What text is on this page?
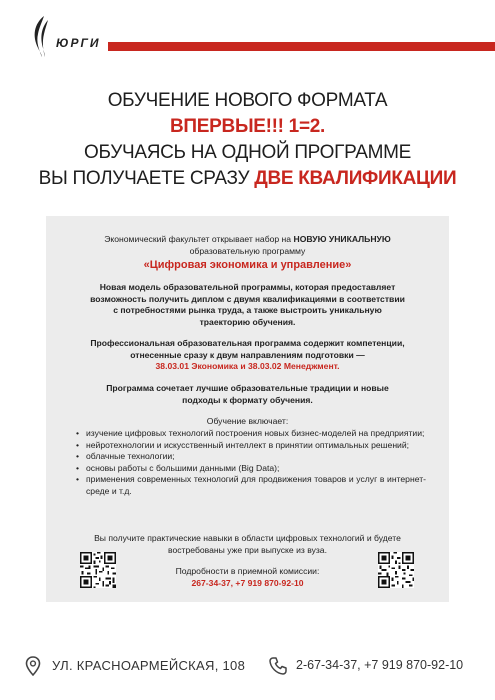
ЮРГИ
ОБУЧЕНИЕ НОВОГО ФОРМАТА
ВПЕРВЫЕ!!! 1=2.
ОБУЧАЯСЬ НА ОДНОЙ ПРОГРАММЕ
ВЫ ПОЛУЧАЕТЕ СРАЗУ ДВЕ КВАЛИФИКАЦИИ
Экономический факультет открывает набор на НОВУЮ УНИКАЛЬНУЮ
образовательную программу
«Цифровая экономика и управление»
Новая модель образовательной программы, которая предоставляет
возможность получить диплом с двумя квалификациями в соответствии
с потребностями рынка труда, а также выстроить уникальную
траекторию обучения.
Профессиональная образовательная программа содержит компетенции,
отнесенные сразу к двум направлениям подготовки —
38.03.01 Экономика и 38.03.02 Менеджмент.
Программа сочетает лучшие образовательные традиции и новые
подходы к формату обучения.
Обучение включает:
• изучение цифровых технологий построения новых бизнес-моделей на предприятии;
• нейротехнологии и искусственный интеллект в принятии оптимальных решений;
• облачные технологии;
• основы работы с большими данными (Big Data);
• применения современных технологий для продвижения товаров и услуг в интернет-среде и т.д.
Вы получите практические навыки в области цифровых технологий и будете
востребованы уже при выпуске из вуза.
Подробности в приемной комиссии:
267-34-37, +7 919 870-92-10
УЛ. КРАСНОАРМЕЙСКАЯ, 108	2-67-34-37, +7 919 870-92-10
